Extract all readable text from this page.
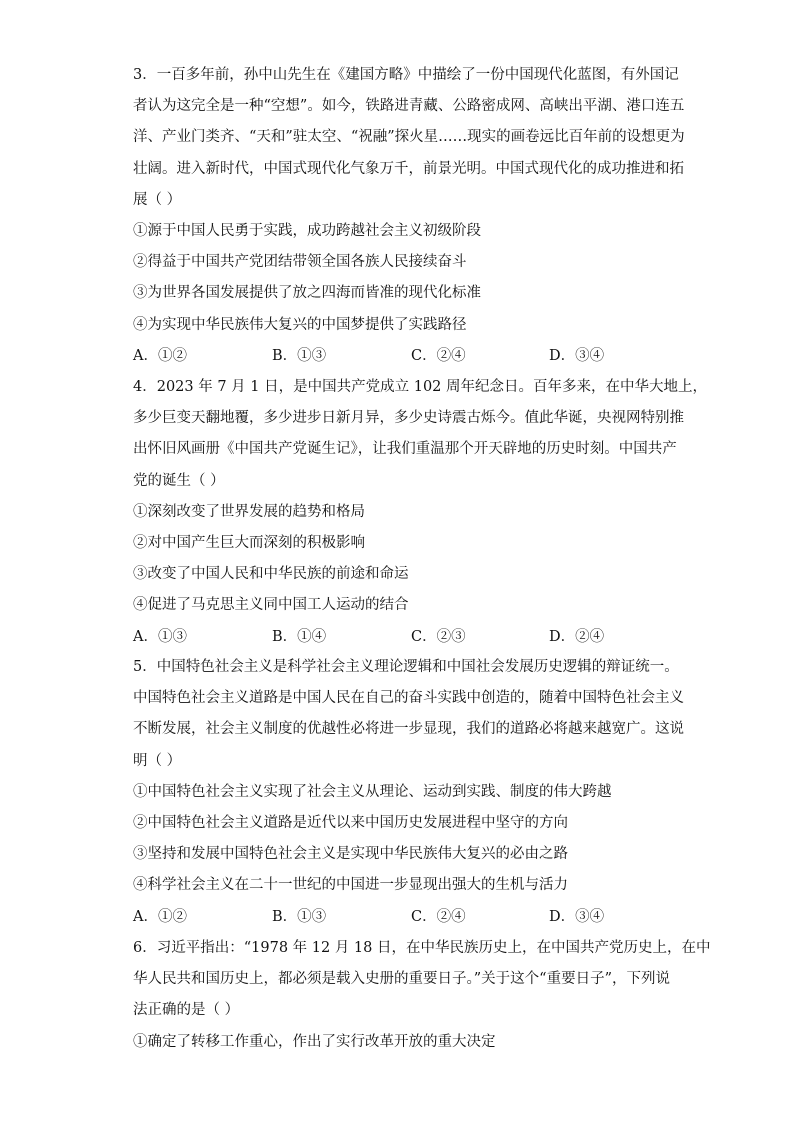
3．一百多年前，孙中山先生在《建国方略》中描绘了一份中国现代化蓝图，有外国记
者认为这完全是一种“空想”。如今，铁路进青藏、公路密成网、高峡出平湖、港口连五
洋、产业门类齐、“天和”驻太空、“祝融”探火星……现实的画卷远比百年前的设想更为
壮阔。进入新时代，中国式现代化气象万千，前景光明。中国式现代化的成功推进和拓
展（ ）
①源于中国人民勇于实践，成功跨越社会主义初级阶段
②得益于中国共产党团结带领全国各族人民接续奋斗
③为世界各国发展提供了放之四海而皆准的现代化标准
④为实现中华民族伟大复兴的中国梦提供了实践路径
A．①②	B．①③	C．②④	D．③④
4．2023 年 7 月 1 日，是中国共产党成立 102 周年纪念日。百年多来，在中华大地上，
多少巨变天翻地覆，多少进步日新月异，多少史诗震古烁今。值此华诞，央视网特别推
出怀旧风画册《中国共产党诞生记》，让我们重温那个开天辟地的历史时刻。中国共产
党的诞生（ ）
①深刻改变了世界发展的趋势和格局
②对中国产生巨大而深刻的积极影响
③改变了中国人民和中华民族的前途和命运
④促进了马克思主义同中国工人运动的结合
A．①③	B．①④	C．②③	D．②④
5．中国特色社会主义是科学社会主义理论逻辑和中国社会发展历史逻辑的辩证统一。
中国特色社会主义道路是中国人民在自己的奋斗实践中创造的，随着中国特色社会主义
不断发展，社会主义制度的优越性必将进一步显现，我们的道路必将越来越宽广。这说
明（ ）
①中国特色社会主义实现了社会主义从理论、运动到实践、制度的伟大跨越
②中国特色社会主义道路是近代以来中国历史发展进程中坚守的方向
③坚持和发展中国特色社会主义是实现中华民族伟大复兴的必由之路
④科学社会主义在二十一世纪的中国进一步显现出强大的生机与活力
A．①②	B．①③	C．②④	D．③④
6．习近平指出：“1978 年 12 月 18 日，在中华民族历史上，在中国共产党历史上，在中
华人民共和国历史上，都必须是载入史册的重要日子。”关于这个“重要日子”，下列说
法正确的是（ ）
①确定了转移工作重心，作出了实行改革开放的重大决定
